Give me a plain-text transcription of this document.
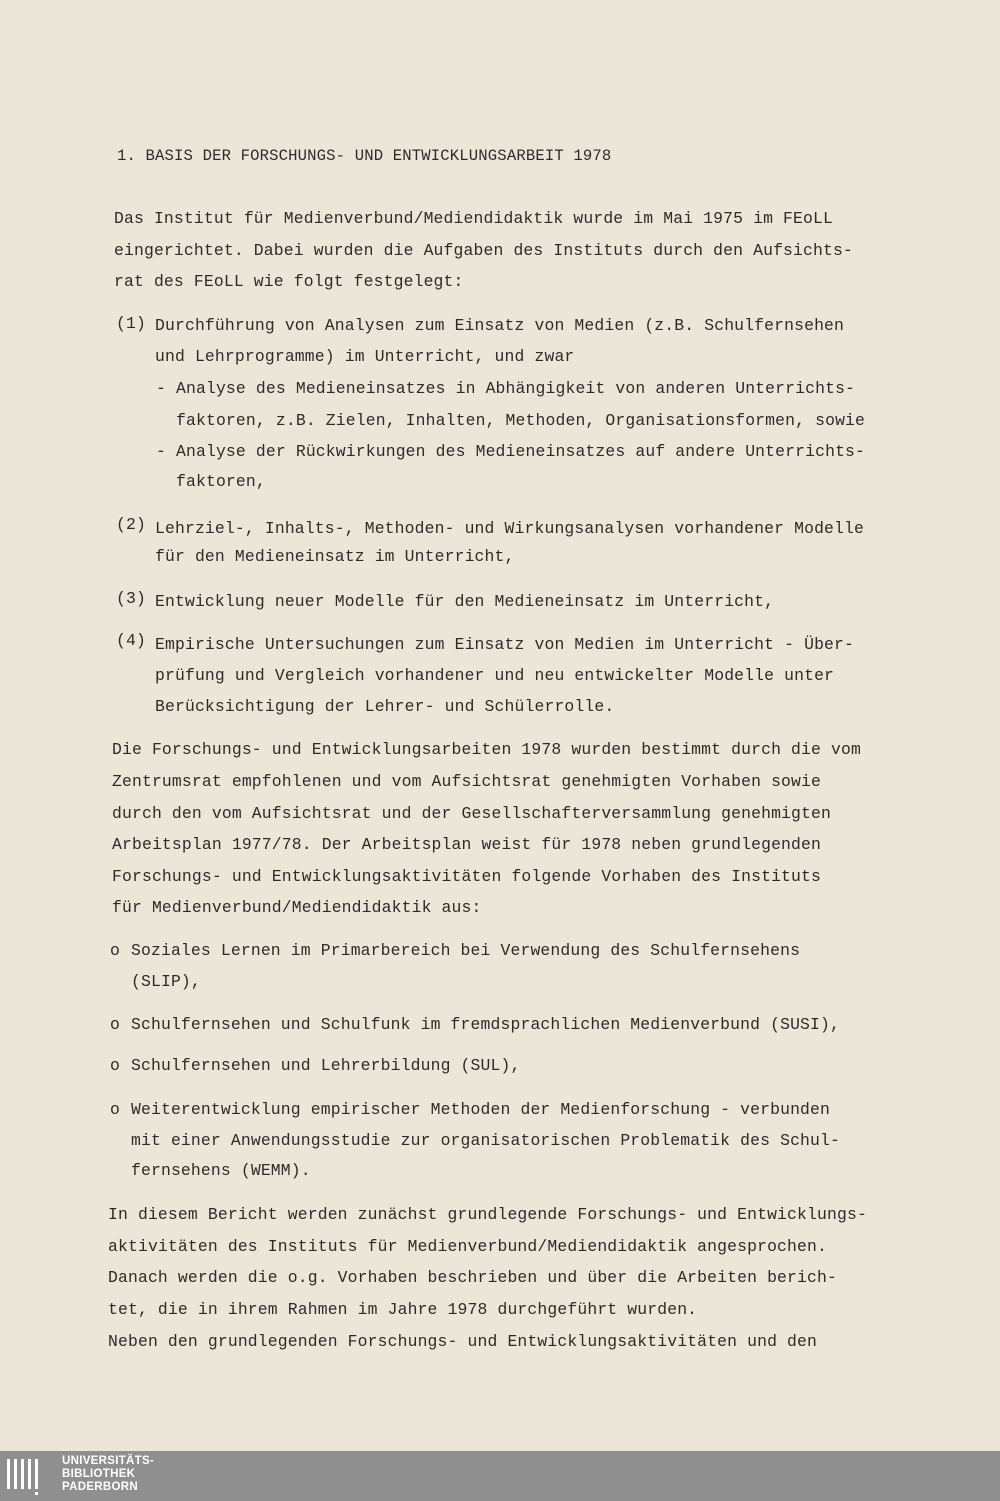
1. BASIS DER FORSCHUNGS- UND ENTWICKLUNGSARBEIT 1978
Das Institut für Medienverbund/Mediendidaktik wurde im Mai 1975 im FEoLL
eingerichtet. Dabei wurden die Aufgaben des Instituts durch den Aufsichts-
rat des FEoLL wie folgt festgelegt:
(1) Durchführung von Analysen zum Einsatz von Medien (z.B. Schulfernsehen
und Lehrprogramme) im Unterricht, und zwar
- Analyse des Medieneinsatzes in Abhängigkeit von anderen Unterrichts-
faktoren, z.B. Zielen, Inhalten, Methoden, Organisationsformen, sowie
- Analyse der Rückwirkungen des Medieneinsatzes auf andere Unterrichts-
faktoren,
(2) Lehrziel-, Inhalts-, Methoden- und Wirkungsanalysen vorhandener Modelle
für den Medieneinsatz im Unterricht,
(3) Entwicklung neuer Modelle für den Medieneinsatz im Unterricht,
(4) Empirische Untersuchungen zum Einsatz von Medien im Unterricht - Über-
prüfung und Vergleich vorhandener und neu entwickelter Modelle unter
Berücksichtigung der Lehrer- und Schülerrolle.
Die Forschungs- und Entwicklungsarbeiten 1978 wurden bestimmt durch die vom
Zentrumsrat empfohlenen und vom Aufsichtsrat genehmigten Vorhaben sowie
durch den vom Aufsichtsrat und der Gesellschafterversammlung genehmigten
Arbeitsplan 1977/78. Der Arbeitsplan weist für 1978 neben grundlegenden
Forschungs- und Entwicklungsaktivitäten folgende Vorhaben des Instituts
für Medienverbund/Mediendidaktik aus:
o Soziales Lernen im Primarbereich bei Verwendung des Schulfernsehens
(SLIP),
o Schulfernsehen und Schulfunk im fremdsprachlichen Medienverbund (SUSI),
o Schulfernsehen und Lehrerbildung (SUL),
o Weiterentwicklung empirischer Methoden der Medienforschung - verbunden
mit einer Anwendungsstudie zur organisatorischen Problematik des Schul-
fernsehens (WEMM).
In diesem Bericht werden zunächst grundlegende Forschungs- und Entwicklungs-
aktivitäten des Instituts für Medienverbund/Mediendidaktik angesprochen.
Danach werden die o.g. Vorhaben beschrieben und über die Arbeiten berich-
tet, die in ihrem Rahmen im Jahre 1978 durchgeführt wurden.
Neben den grundlegenden Forschungs- und Entwicklungsaktivitäten und den
UNIVERSITÄTS-
BIBLIOTHEK
PADERBORN
